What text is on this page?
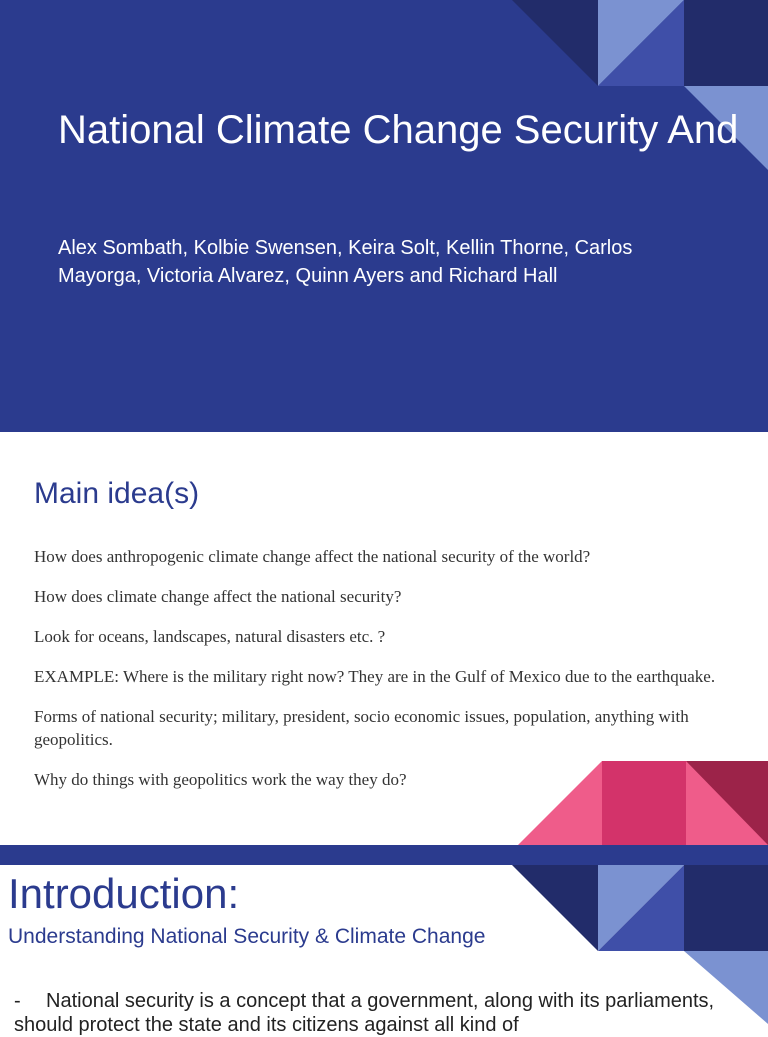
National Climate Change Security And

Alex Sombath, Kolbie Swensen, Keira Solt, Kellin Thorne, Carlos Mayorga, Victoria Alvarez, Quinn Ayers and Richard Hall

Main idea(s)
How does anthropogenic climate change affect the national security of the world?
How does climate change affect the national security?
Look for oceans, landscapes, natural disasters etc. ?
EXAMPLE: Where is the military right now? They are in the Gulf of Mexico due to the earthquake.
Forms of national security; military, president, socio economic issues, population, anything with geopolitics.
Why do things with geopolitics work the way they do?
Introduction:

Understanding National Security & Climate Change

- National security is a concept that a government, along with its parliaments, should protect the state and its citizens against all kind of
